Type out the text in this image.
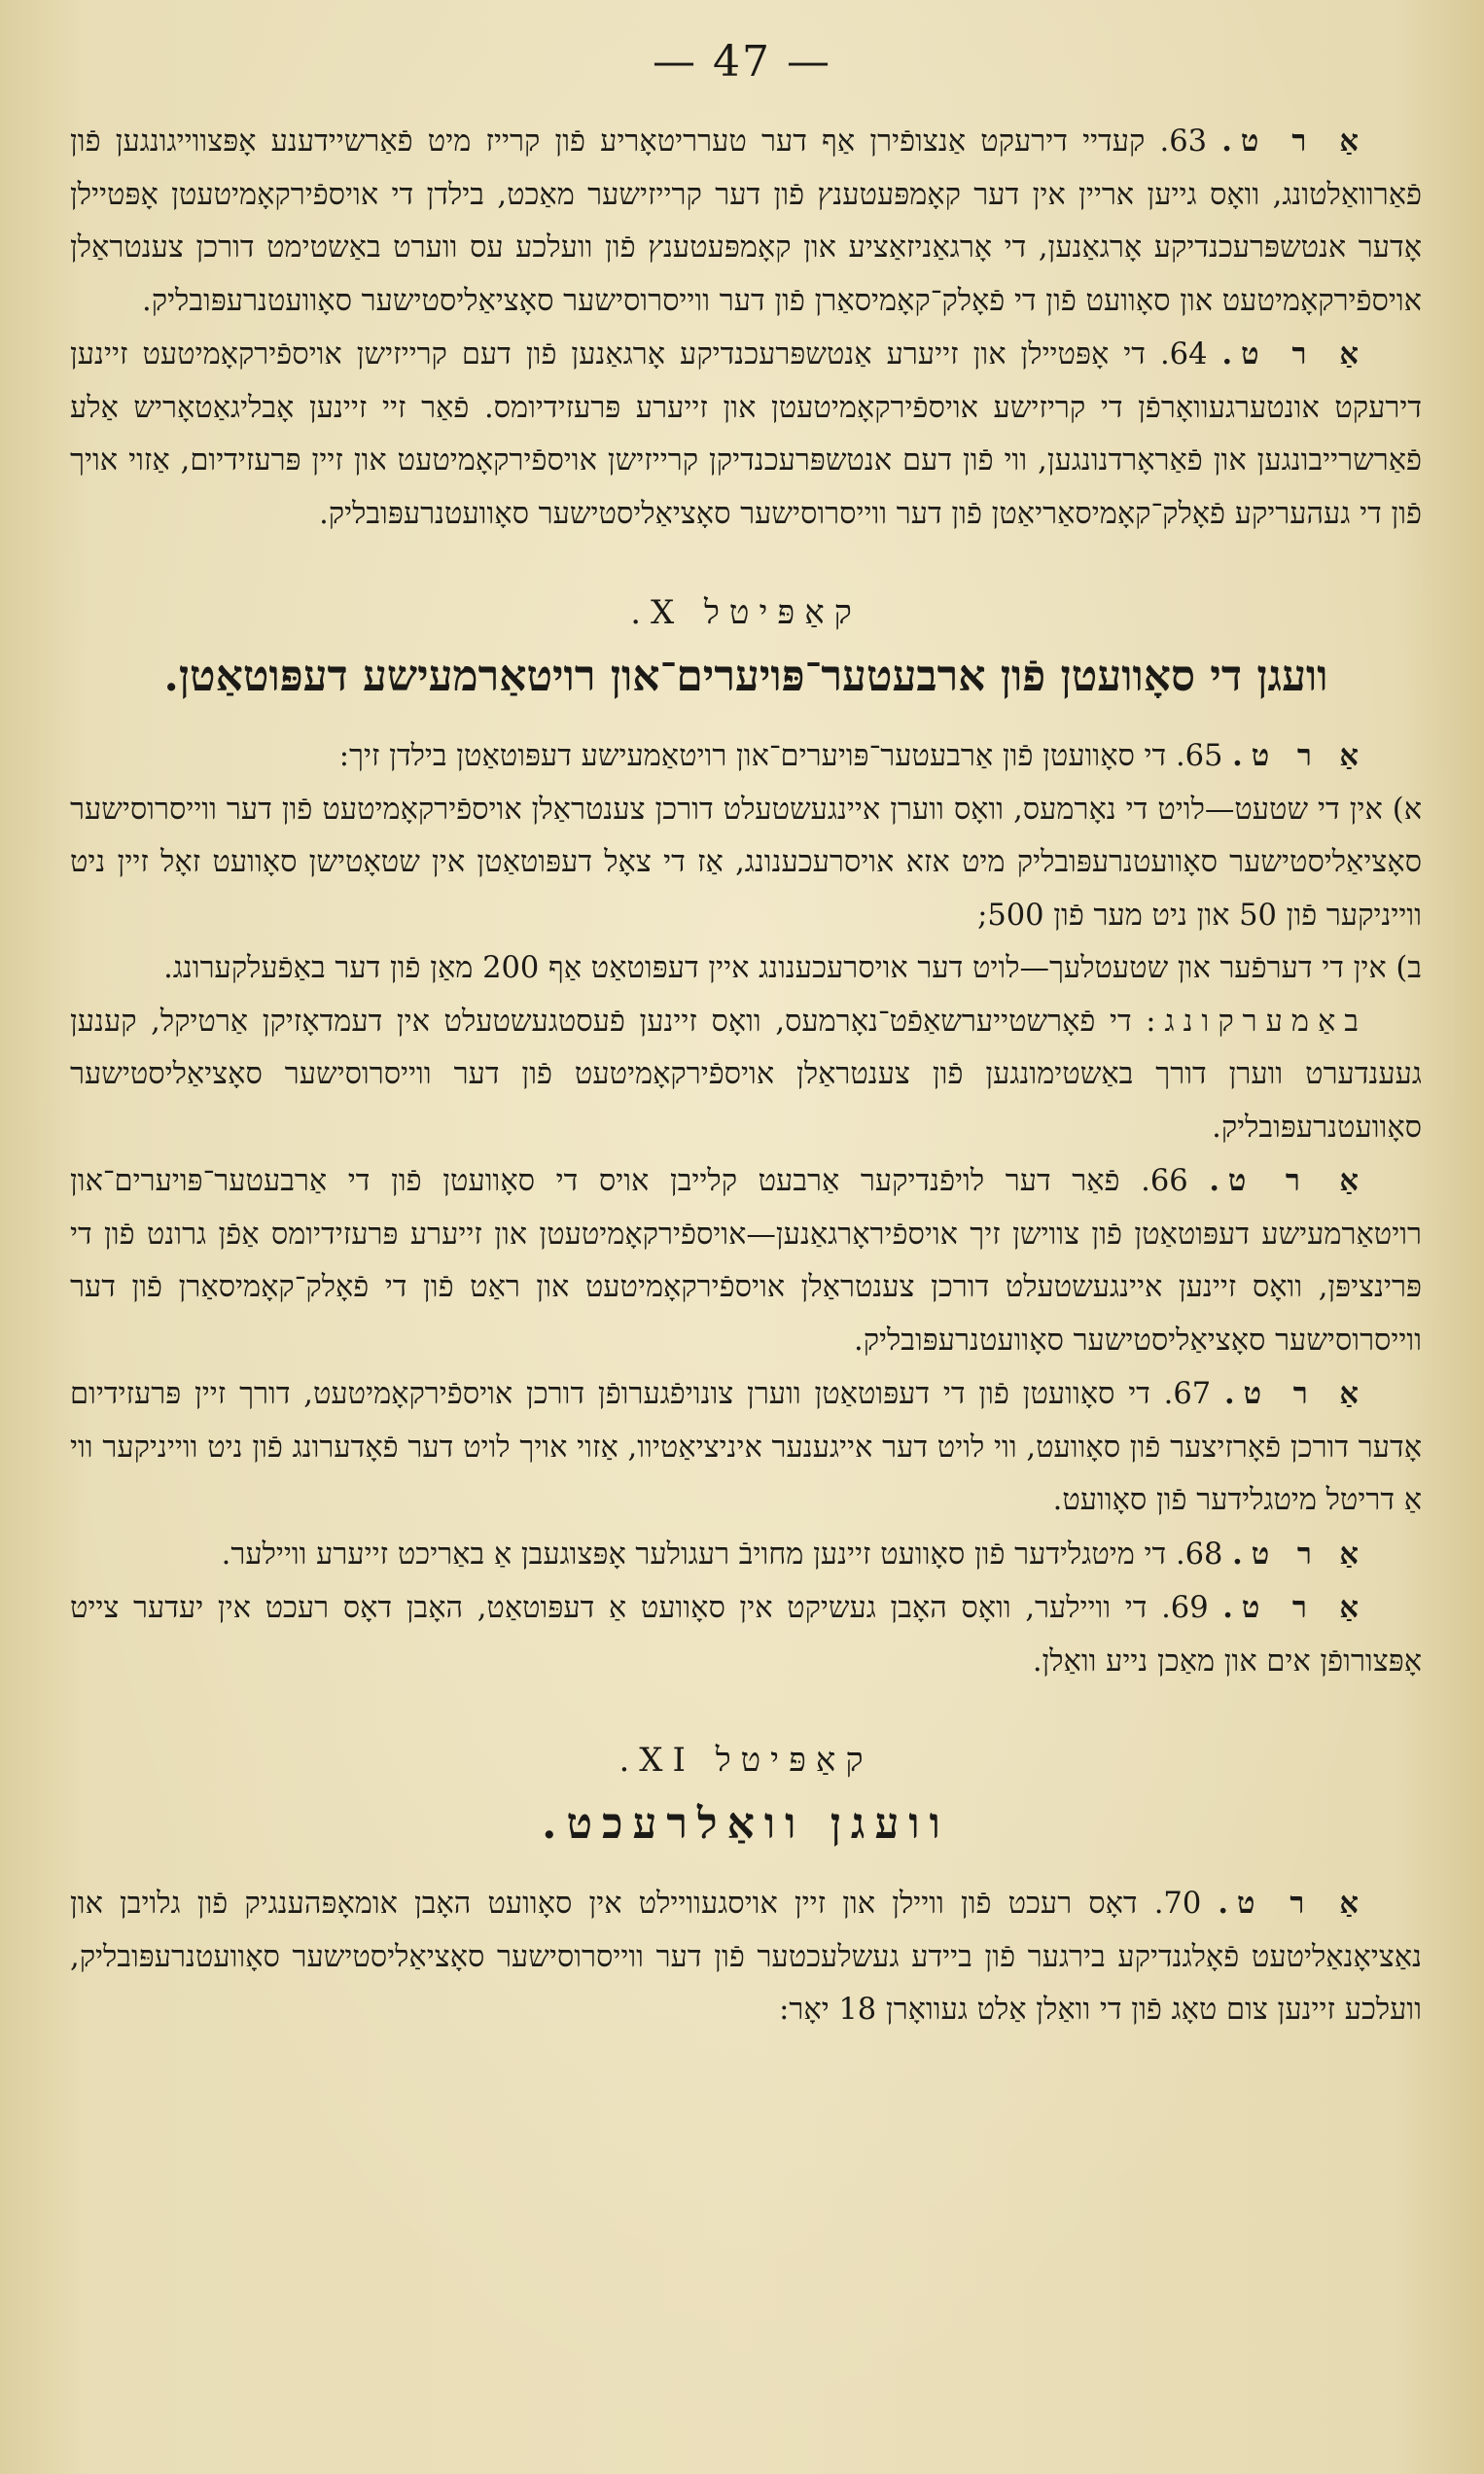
— 47 —

אַ ר ט. 63. קעדיי דירעקט אַנצופֿירן אַף דער טערריטאָריע פֿון קרייז מיט פֿאַרשיידענע אָפּצווייגונגען פֿון פֿאַרוואַלטונג, וואָס גייען אריין אין דער קאָמפּעטענץ פֿון דער קרייזישער מאַכט, בילדן די אויספֿירקאָמיטעטן אָפּטיילן אָדער אנטשפּרעכנדיקע אָרגאַנען, די אָרגאַניזאַציע און קאָמפּעטענץ פֿון וועלכע עס ווערט באַשטימט דורכן צענטראַלן אויספֿירקאָמיטעט און סאָוועט פֿון די פֿאָלק־קאָמיסאַרן פֿון דער ווייסרוסישער סאָציאַליסטישער סאָוועטנרעפּובליק.

אַ ר ט. 64. די אָפּטיילן און זייערע אַנטשפּרעכנדיקע אָרגאַנען פֿון דעם קרייזישן אויספֿירקאָמיטעט זיינען דירעקט אונטערגעוואָרפֿן די קריזישע אויספֿירקאָמיטעטן און זייערע פּרעזידיומס. פֿאַר זיי זיינען אָבליגאַטאָריש אַלע פֿאַרשרייבונגען און פֿאַראָרדנונגען, ווי פֿון דעם אנטשפּרעכנדיקן קרייזישן אויספֿירקאָמיטעט און זיין פּרעזידיום, אַזוי אויך פֿון די געהעריקע פֿאָלק־קאָמיסאַריאַטן פֿון דער ווייסרוסישער סאָציאַליסטישער סאָוועטנרעפּובליק.

קאַפּיטל X.
וועגן די סאָוועטן פֿון ארבעטער־פּויערים־און רויטאַרמעישע דעפּוטאַטן.

אַ ר ט. 65. די סאָוועטן פֿון אַרבעטער־פּויערים־און רויטאַמעישע דעפּוטאַטן בילדן זיך:

א) אין די שטעט—לויט די נאָרמעס, וואָס ווערן איינגעשטעלט דורכן צענטראַלן אויספֿירקאָמיטעט פֿון דער ווייסרוסישער סאָציאַליסטישער סאָוועטנרעפּובליק מיט אזא אויסרעכענונג, אַז די צאָל דעפּוטאַטן אין שטאָטישן סאָוועט זאָל זיין ניט ווייניקער פֿון 50 און ניט מער פֿון 500;

ב) אין די דערפֿער און שטעטלעך—לויט דער אויסרעכענונג איין דעפּוטאַט אַף 200 מאַן פֿון דער באַפֿעלקערונג.

באַמערקונג: די פֿאָרשטייערשאַפֿט־נאָרמעס, וואָס זיינען פֿעסטגעשטעלט אין דעמדאָזיקן אַרטיקל, קענען געענדערט ווערן דורך באַשטימונגען פֿון צענטראַלן אויספֿירקאָמיטעט פֿון דער ווייסרוסישער סאָציאַליסטישער סאָוועטנרעפּובליק.

אַ ר ט. 66. פֿאַר דער לויפֿנדיקער אַרבעט קלייבן אויס די סאָוועטן פֿון די אַרבעטער־פּויערים־און רויטאַרמעישע דעפּוטאַטן פֿון צווישן זיך אויספֿיראָרגאַנען—אויספֿירקאָמיטעטן און זייערע פּרעזידיומס אַפֿן גרונט פֿון די פּרינציפּן, וואָס זיינען איינגעשטעלט דורכן צענטראַלן אויספֿירקאָמיטעט און ראַט פֿון די פֿאָלק־קאָמיסאַרן פֿון דער ווייסרוסישער סאָציאַליסטישער סאָוועטנרעפּובליק.

אַ ר ט. 67. די סאָוועטן פֿון די דעפּוטאַטן ווערן צונויפֿגערופֿן דורכן אויספֿירקאָמיטעט, דורך זיין פּרעזידיום אָדער דורכן פֿאָרזיצער פֿון סאָוועט, ווי לויט דער אייגענער איניציאַטיוו, אַזוי אויך לויט דער פֿאָדערונג פֿון ניט ווייניקער ווי אַ דריטל מיטגלידער פֿון סאָוועט.

אַ ר ט. 68. די מיטגלידער פֿון סאָוועט זיינען מחויבֿ רעגולער אָפּצוגעבן אַ באַריכט זייערע וויילער.

אַ ר ט. 69. די וויילער, וואָס האָבן געשיקט אין סאָוועט אַ דעפּוטאַט, האָבן דאָס רעכט אין יעדער צייט אָפּצורופֿן אים און מאַכן נייע וואַלן.

קאַפּיטל XI.
וועגן וואַלרעכט.

אַ ר ט. 70. דאָס רעכט פֿון וויילן און זיין אויסגעוויילט אין סאָוועט האָבן אומאָפּהענגיק פֿון גלויבן און נאַציאָנאַליטעט פֿאָלגנדיקע בירגער פֿון ביידע געשלעכטער פֿון דער ווייסרוסישער סאָציאַליסטישער סאָוועטנרעפּובליק, וועלכע זיינען צום טאָג פֿון די וואַלן אַלט געוואָרן 18 יאָר:
